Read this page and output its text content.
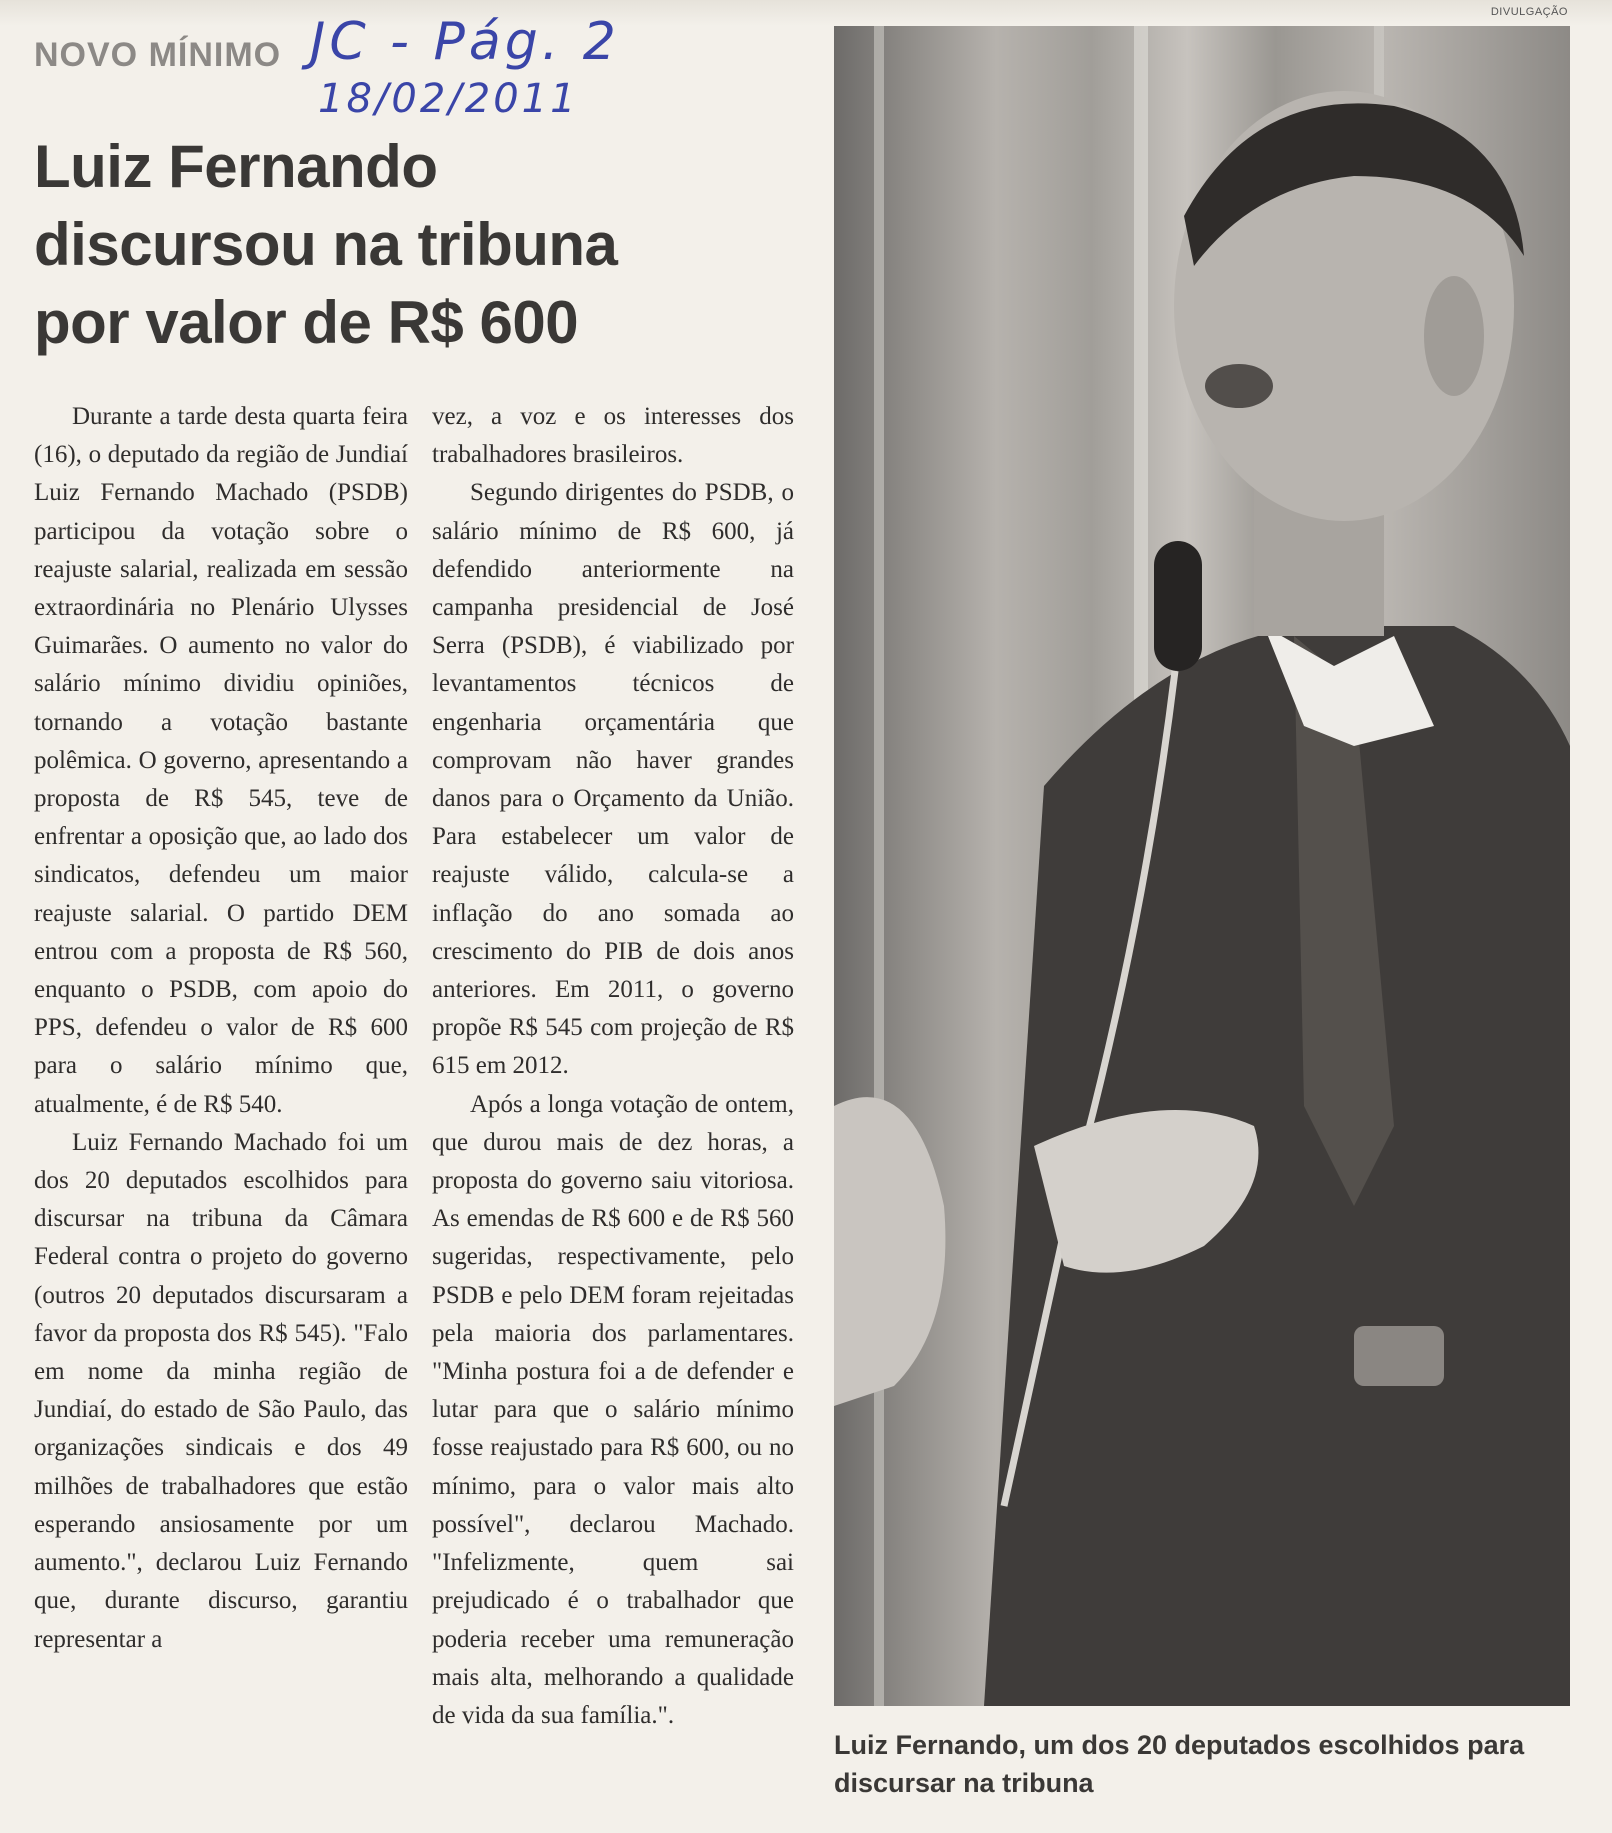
NOVO MÍNIMO JC - Pág. 2
18/02/2011
Luiz Fernando discursou na tribuna por valor de R$ 600

Durante a tarde desta quarta feira (16), o deputado da região de Jundiaí Luiz Fernando Machado (PSDB) participou da votação sobre o reajuste salarial, realizada em sessão extraordinária no Plenário Ulysses Guimarães. O aumento no valor do salário mínimo dividiu opiniões, tornando a votação bastante polêmica. O governo, apresentando a proposta de R$ 545, teve de enfrentar a oposição que, ao lado dos sindicatos, defendeu um maior reajuste salarial. O partido DEM entrou com a proposta de R$ 560, enquanto o PSDB, com apoio do PPS, defendeu o valor de R$ 600 para o salário mínimo que, atualmente, é de R$ 540.

Luiz Fernando Machado foi um dos 20 deputados escolhidos para discursar na tribuna da Câmara Federal contra o projeto do governo (outros 20 deputados discursaram a favor da proposta dos R$ 545). "Falo em nome da minha região de Jundiaí, do estado de São Paulo, das organizações sindicais e dos 49 milhões de trabalhadores que estão esperando ansiosamente por um aumento.", declarou Luiz Fernando que, durante discurso, garantiu representar a

vez, a voz e os interesses dos trabalhadores brasileiros.

Segundo dirigentes do PSDB, o salário mínimo de R$ 600, já defendido anteriormente na campanha presidencial de José Serra (PSDB), é viabilizado por levantamentos técnicos de engenharia orçamentária que comprovam não haver grandes danos para o Orçamento da União. Para estabelecer um valor de reajuste válido, calcula-se a inflação do ano somada ao crescimento do PIB de dois anos anteriores. Em 2011, o governo propõe R$ 545 com projeção de R$ 615 em 2012.

Após a longa votação de ontem, que durou mais de dez horas, a proposta do governo saiu vitoriosa. As emendas de R$ 600 e de R$ 560 sugeridas, respectivamente, pelo PSDB e pelo DEM foram rejeitadas pela maioria dos parlamentares. "Minha postura foi a de defender e lutar para que o salário mínimo fosse reajustado para R$ 600, ou no mínimo, para o valor mais alto possível", declarou Machado. "Infelizmente, quem sai prejudicado é o trabalhador que poderia receber uma remuneração mais alta, melhorando a qualidade de vida da sua família.".

DIVULGAÇÃO

Luiz Fernando, um dos 20 deputados escolhidos para discursar na tribuna
